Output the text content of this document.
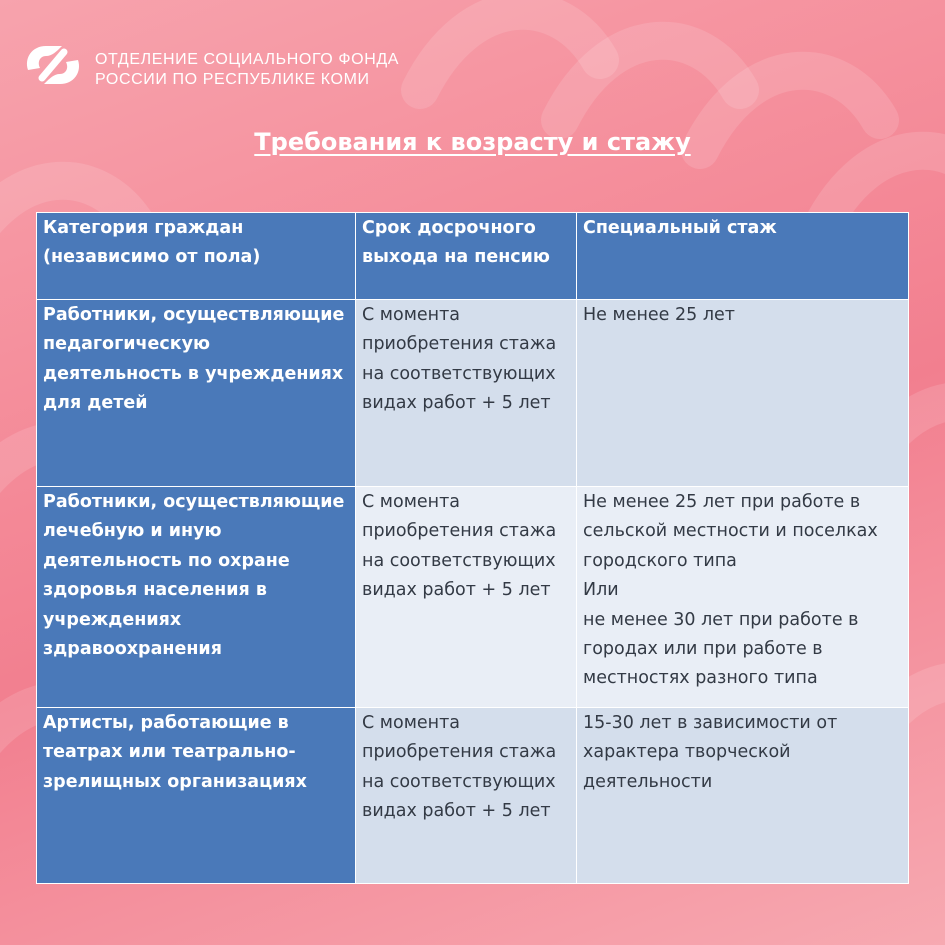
ОТДЕЛЕНИЕ СОЦИАЛЬНОГО ФОНДА
РОССИИ ПО РЕСПУБЛИКЕ КОМИ
Требования к возрасту и стажу
Категория граждан (независимо от пола)	Срок досрочного выхода на пенсию	Специальный стаж
Работники, осуществляющие педагогическую деятельность в учреждениях для детей	С момента приобретения стажа на соответствующих видах работ + 5 лет	Не менее 25 лет
Работники, осуществляющие лечебную и иную деятельность по охране здоровья населения в учреждениях здравоохранения	С момента приобретения стажа на соответствующих видах работ + 5 лет	Не менее 25 лет при работе в сельской местности и поселках городского типа
Или
не менее 30 лет при работе в городах или при работе в местностях разного типа

Артисты, работающие в театрах или театрально-зрелищных организациях	С момента приобретения стажа на соответствующих видах работ + 5 лет	15-30 лет в зависимости от характера творческой деятельности
